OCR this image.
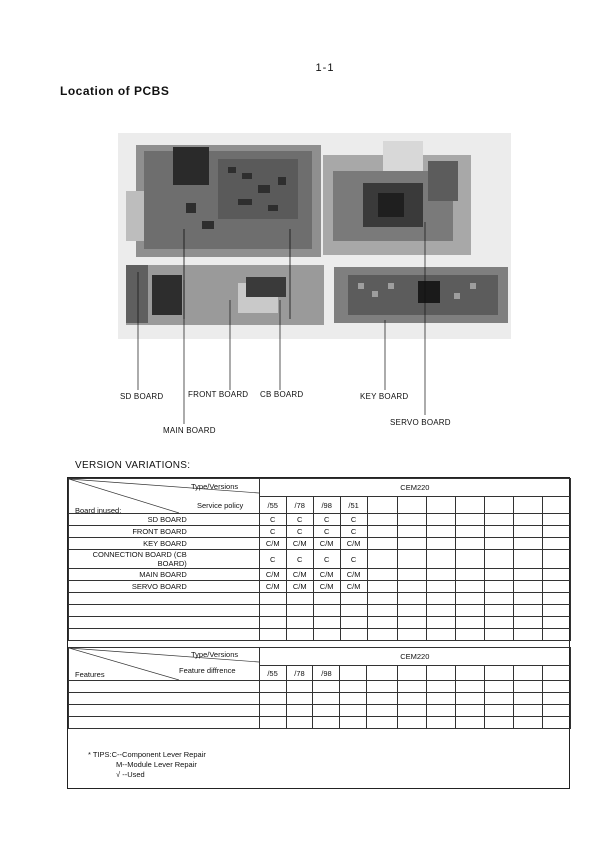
1-1
Location of PCBS
SD BOARD	FRONT BOARD CB BOARD	KEY BOARD
SERVO BOARD
MAIN BOARD
VERSION VARIATIONS:
Type/Versions
Service policy
Board inused:	CEM220										
	/55	/78	/98	/51							
SD BOARD	C	C	C	C							
FRONT BOARD	C	C	C	C							
KEY BOARD	C/M	C/M	C/M	C/M							
CONNECTION BOARD (CB BOARD)	C	C	C	C							
MAIN BOARD	C/M	C/M	C/M	C/M							
SERVO BOARD	C/M	C/M	C/M	C/M							

Type/Versions
Feature diffrence
Features	CEM220										
	/55	/78	/98								

* TIPS:C--Component Lever Repair
M--Module Lever Repair
√ --Used
